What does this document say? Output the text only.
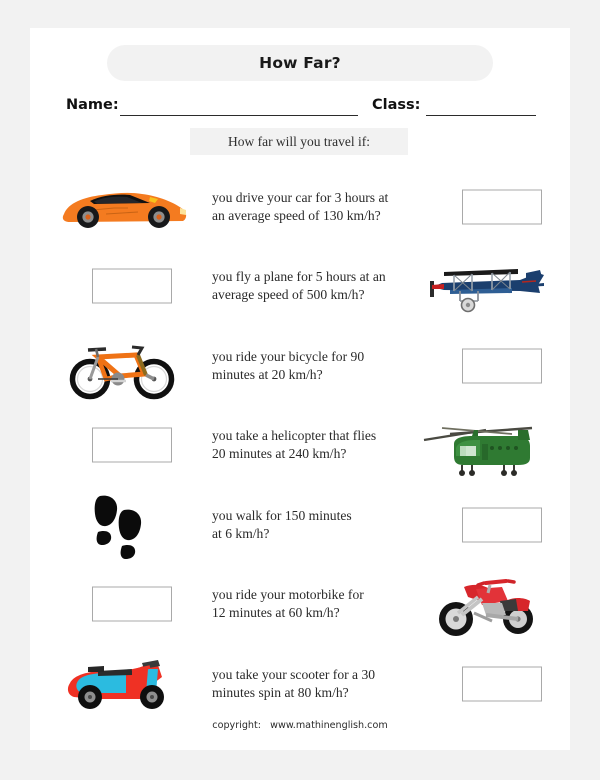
How Far?
Name:	Class:
How far will you travel if:
you drive your car for 3 hours at
an average speed of 130 km/h?
you fly a plane for 5 hours at an
average speed of 500 km/h?
you ride your bicycle for 90
minutes at 20 km/h?
you take a helicopter that flies
20 minutes at 240 km/h?
you walk for 150 minutes
at 6 km/h?
you ride your motorbike for
12 minutes at 60 km/h?
you take your scooter for a 30
minutes spin at 80 km/h?
copyright:   www.mathinenglish.com
